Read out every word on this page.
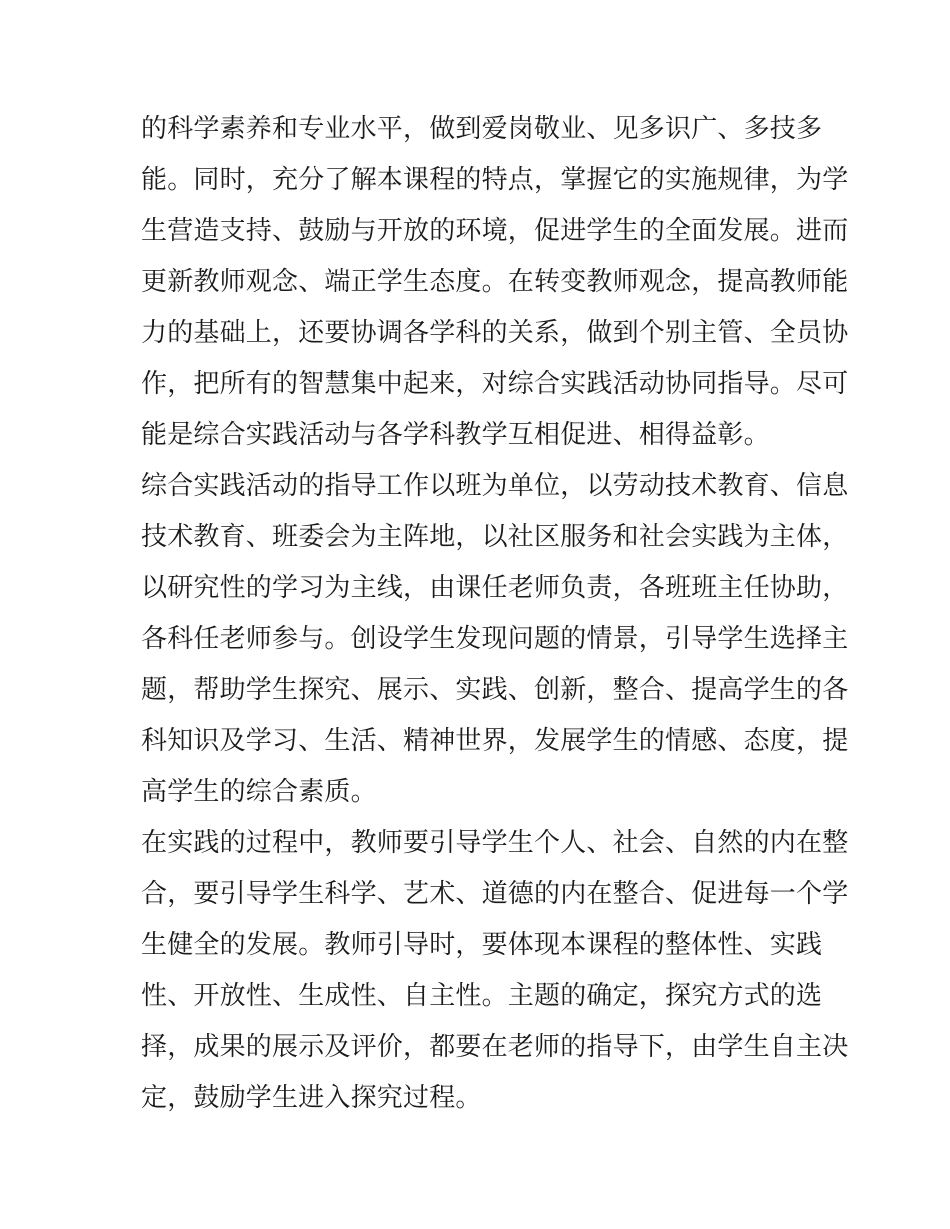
的科学素养和专业水平，做到爱岗敬业、见多识广、多技多
能。同时，充分了解本课程的特点，掌握它的实施规律，为学
生营造支持、鼓励与开放的环境，促进学生的全面发展。进而
更新教师观念、端正学生态度。在转变教师观念，提高教师能
力的基础上，还要协调各学科的关系，做到个别主管、全员协
作，把所有的智慧集中起来，对综合实践活动协同指导。尽可
能是综合实践活动与各学科教学互相促进、相得益彰。
综合实践活动的指导工作以班为单位，以劳动技术教育、信息
技术教育、班委会为主阵地，以社区服务和社会实践为主体，
以研究性的学习为主线，由课任老师负责，各班班主任协助，
各科任老师参与。创设学生发现问题的情景，引导学生选择主
题，帮助学生探究、展示、实践、创新，整合、提高学生的各
科知识及学习、生活、精神世界，发展学生的情感、态度，提
高学生的综合素质。
在实践的过程中，教师要引导学生个人、社会、自然的内在整
合，要引导学生科学、艺术、道德的内在整合、促进每一个学
生健全的发展。教师引导时，要体现本课程的整体性、实践
性、开放性、生成性、自主性。主题的确定，探究方式的选
择，成果的展示及评价，都要在老师的指导下，由学生自主决
定，鼓励学生进入探究过程。
